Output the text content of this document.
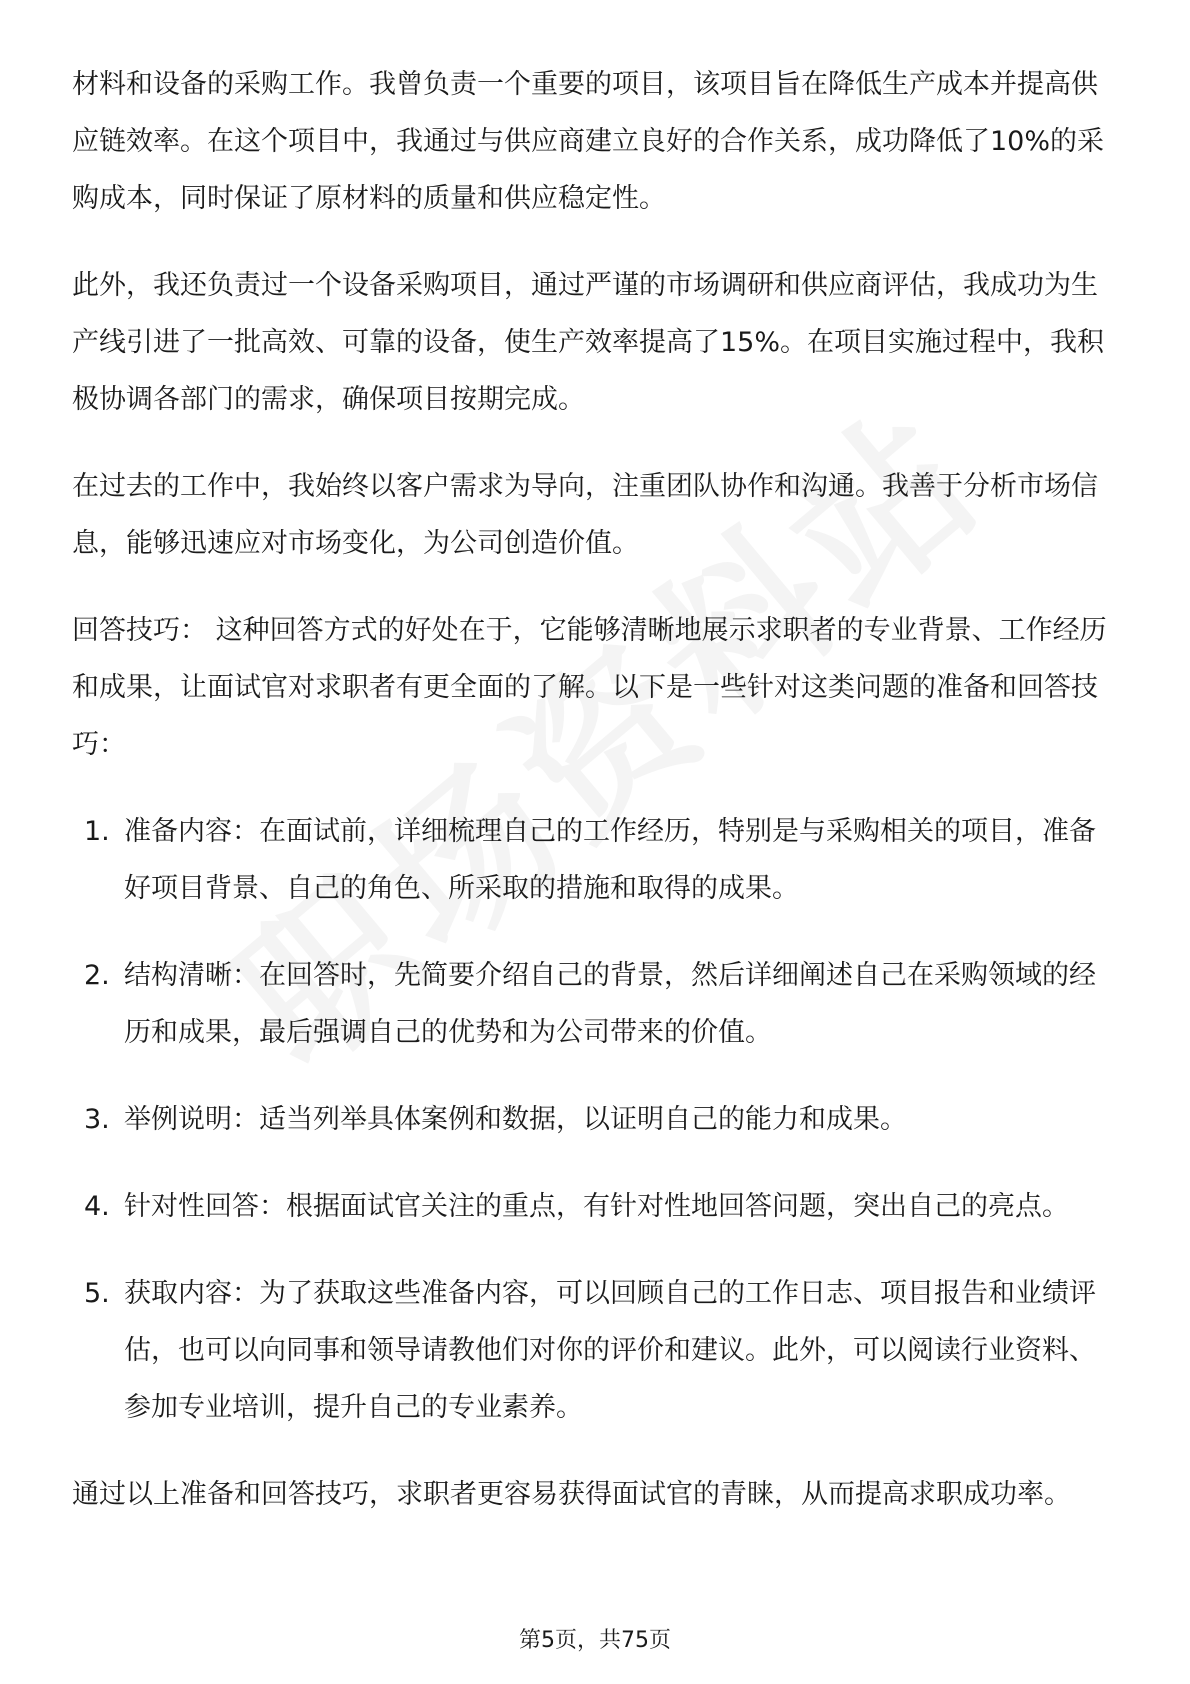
材料和设备的采购工作。我曾负责一个重要的项目，该项目旨在降低生产成本并提高供应链效率。在这个项目中，我通过与供应商建立良好的合作关系，成功降低了10%的采购成本，同时保证了原材料的质量和供应稳定性。

此外，我还负责过一个设备采购项目，通过严谨的市场调研和供应商评估，我成功为生产线引进了一批高效、可靠的设备，使生产效率提高了15%。在项目实施过程中，我积极协调各部门的需求，确保项目按期完成。

在过去的工作中，我始终以客户需求为导向，注重团队协作和沟通。我善于分析市场信息，能够迅速应对市场变化，为公司创造价值。

回答技巧： 这种回答方式的好处在于，它能够清晰地展示求职者的专业背景、工作经历和成果，让面试官对求职者有更全面的了解。以下是一些针对这类问题的准备和回答技巧：

1. 准备内容：在面试前，详细梳理自己的工作经历，特别是与采购相关的项目，准备好项目背景、自己的角色、所采取的措施和取得的成果。
2. 结构清晰：在回答时，先简要介绍自己的背景，然后详细阐述自己在采购领域的经历和成果，最后强调自己的优势和为公司带来的价值。
3. 举例说明：适当列举具体案例和数据，以证明自己的能力和成果。
4. 针对性回答：根据面试官关注的重点，有针对性地回答问题，突出自己的亮点。
5. 获取内容：为了获取这些准备内容，可以回顾自己的工作日志、项目报告和业绩评估，也可以向同事和领导请教他们对你的评价和建议。此外，可以阅读行业资料、参加专业培训，提升自己的专业素养。

通过以上准备和回答技巧，求职者更容易获得面试官的青睐，从而提高求职成功率。

第5页，共75页
